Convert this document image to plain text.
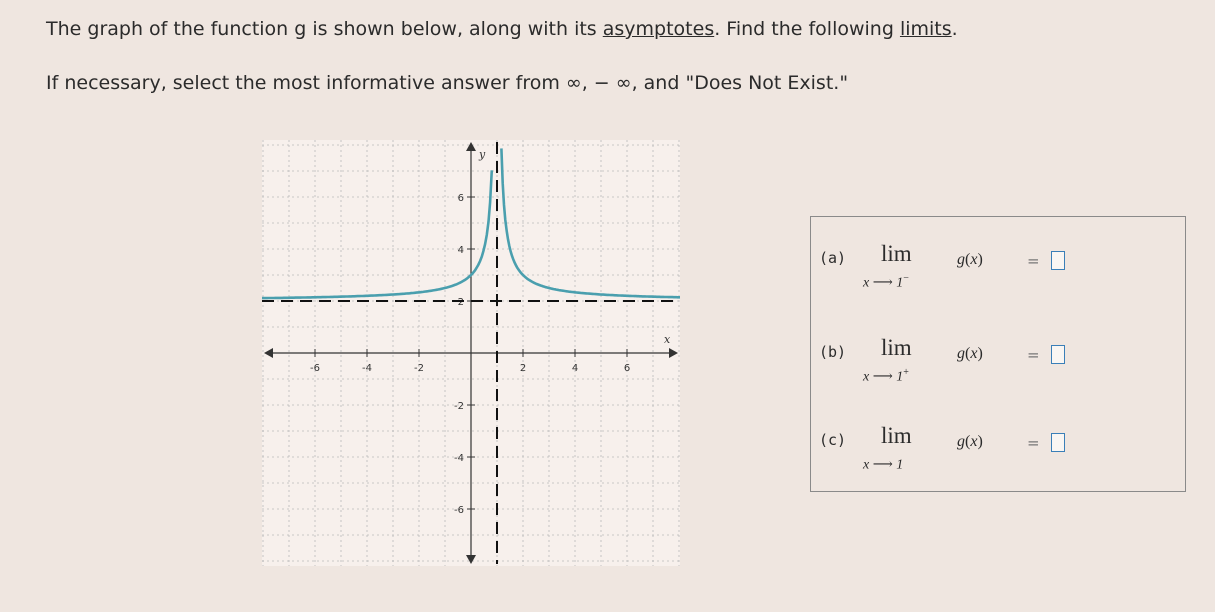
The graph of the function g is shown below, along with its asymptotes. Find the following limits.
If necessary, select the most informative answer from ∞, − ∞, and "Does Not Exist."
-6	-4	-2	2	4	6
6
4
2
-2
-4
-6
x
y
(a) lim
x ⟶ 1−
g(x)	=
(b) lim
x ⟶ 1+
g(x)	=
(c) lim
x ⟶ 1
g(x)	=
